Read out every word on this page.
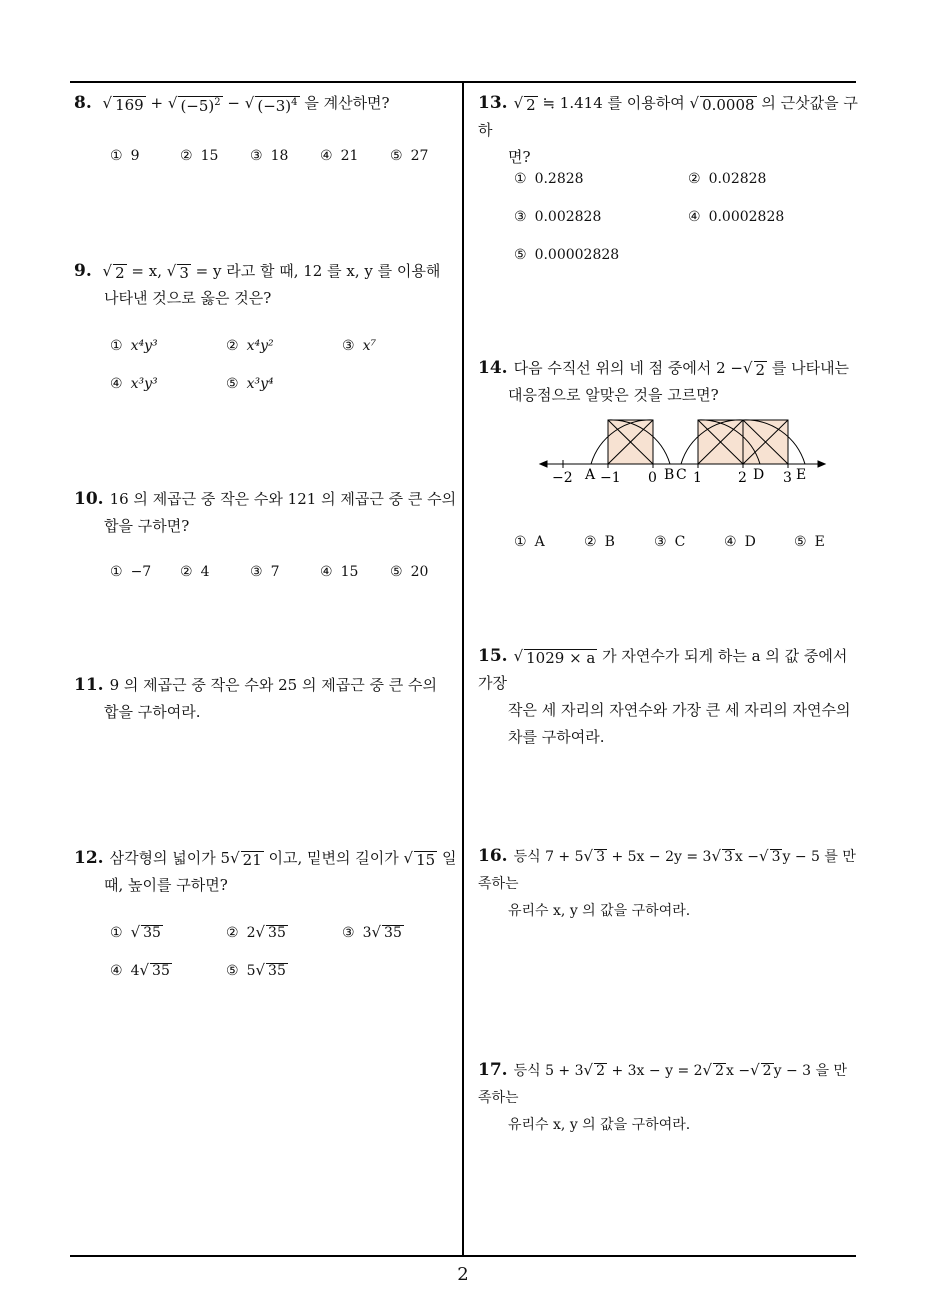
8. √ 169 + √ $(-5)^2$ − √ $(-3)^4$ 을 계산하면?
① 9	② 15 ③ 18 ④ 21 ⑤ 27
9. √ 2 = x, √ 3 = y 라고 할 때, 12 를 x, y 를 이용해
나타낸 것으로 옳은 것은?
① x⁴y³	② x⁴y²	③ x⁷
④ x³y³	⑤ x³y⁴
10. 16 의 제곱근 중 작은 수와 121 의 제곱근 중 큰 수의
합을 구하면?
① −7 ② 4	③ 7	④ 15 ⑤ 20
11. 9 의 제곱근 중 작은 수와 25 의 제곱근 중 큰 수의
합을 구하여라.
12. 삼각형의 넓이가 5 √ 21 이고, 밑변의 길이가 √ 15 일
때, 높이를 구하면?
① √ 35	② 2 √ 35	③ 3 √ 35
④ 4 √ 35	⑤ 5 √ 35
13. √ 2 ≒ 1.414 를 이용하여 √ 0.0008 의 근삿값을 구하
면?
① 0.2828	② 0.02828
③ 0.002828	④ 0.0002828
⑤ 0.00002828
14. 다음 수직선 위의 네 점 중에서 2 − √ 2 를 나타내는
대응점으로 알맞은 것을 고르면?
−2 −1 0	1	2	3
A	B C	D E
① A	② B	③ C	④ D	⑤ E
15. √ 1029 × a 가 자연수가 되게 하는 a 의 값 중에서 가장
작은 세 자리의 자연수와 가장 큰 세 자리의 자연수의
차를 구하여라.
16. 등식 7 + 5 √ 3 + 5x − 2y = 3 √ 3 x − √ 3 y − 5 를 만족하는
유리수 x, y 의 값을 구하여라.
17. 등식 5 + 3 √ 2 + 3x − y = 2 √ 2 x − √ 2 y − 3 을 만족하는
유리수 x, y 의 값을 구하여라.
2
